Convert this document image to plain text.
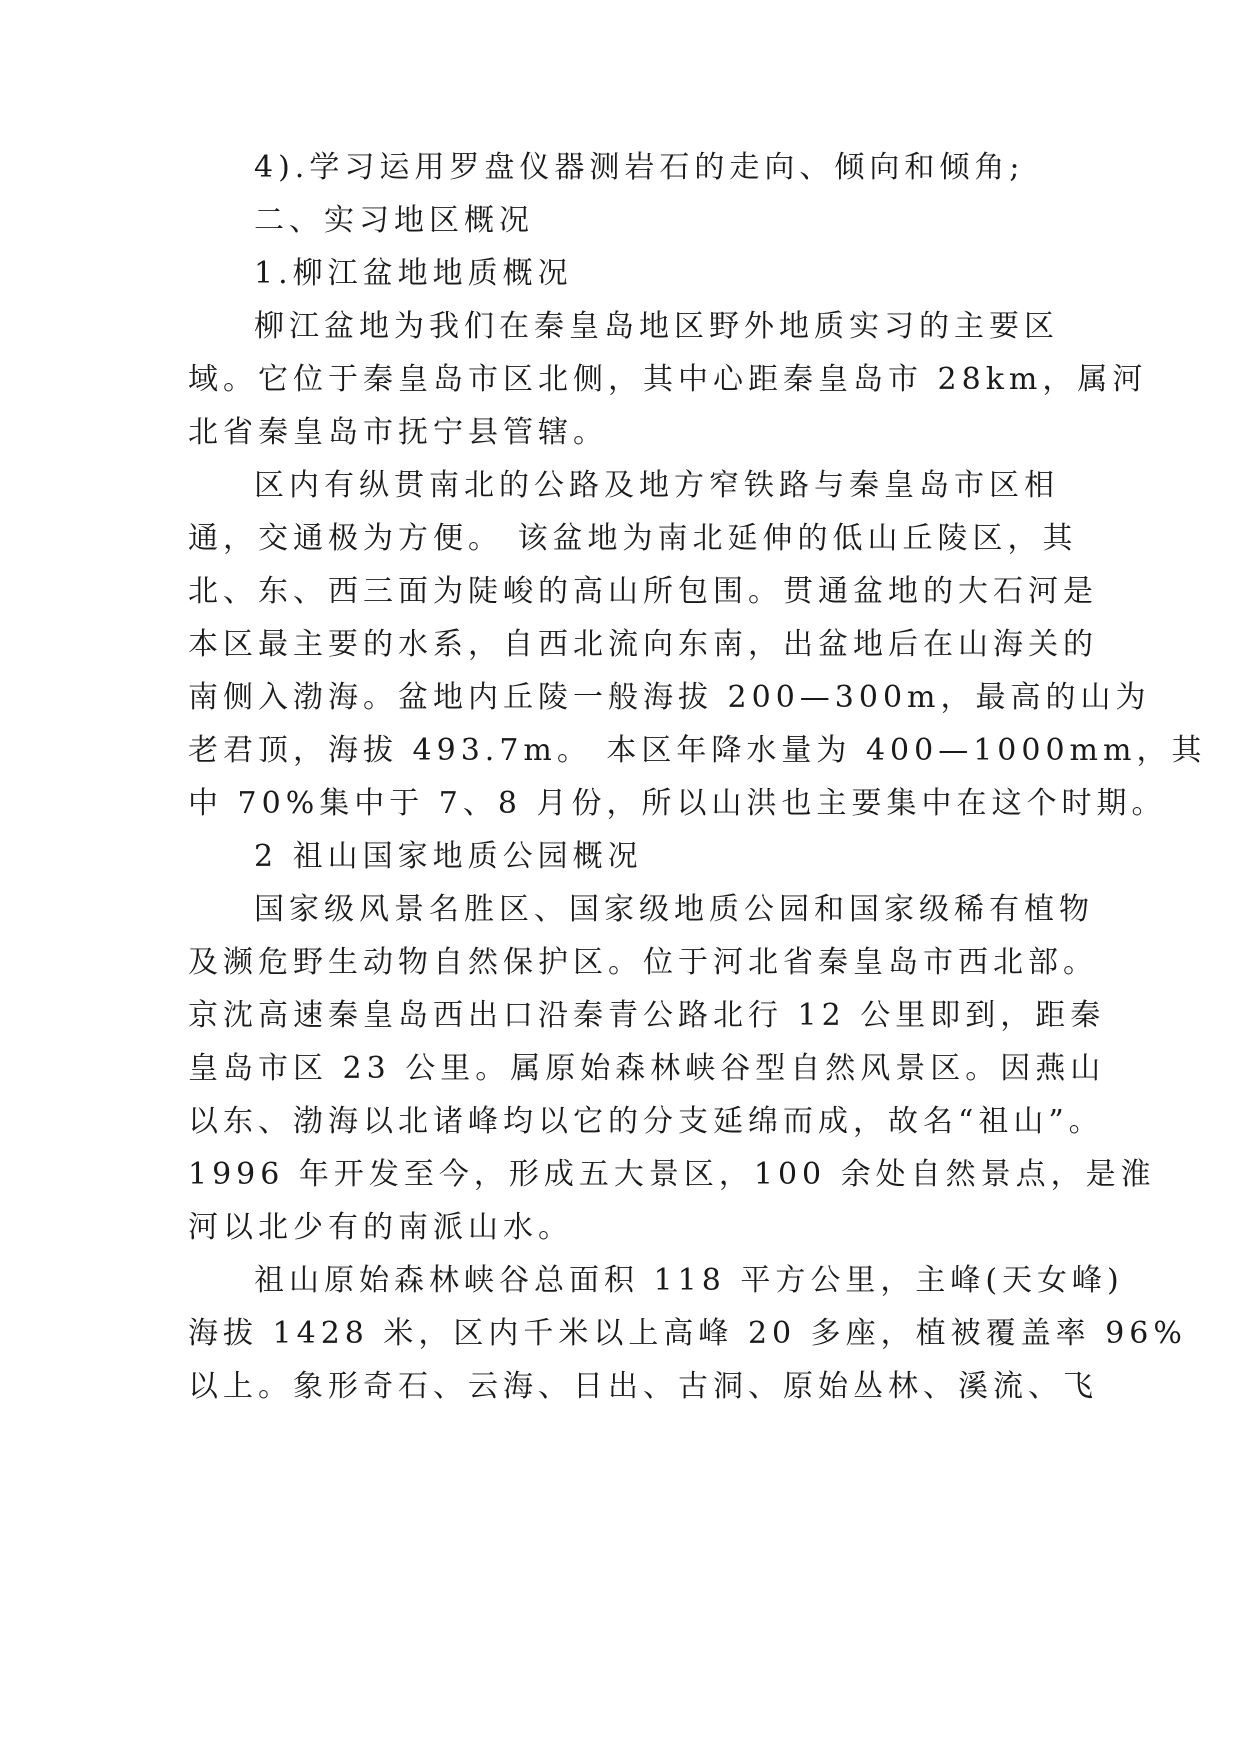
4).学习运用罗盘仪器测岩石的走向、倾向和倾角;
二、实习地区概况
1.柳江盆地地质概况
柳江盆地为我们在秦皇岛地区野外地质实习的主要区
域。它位于秦皇岛市区北侧，其中心距秦皇岛市 28km，属河
北省秦皇岛市抚宁县管辖。
区内有纵贯南北的公路及地方窄铁路与秦皇岛市区相
通，交通极为方便。 该盆地为南北延伸的低山丘陵区，其
北、东、西三面为陡峻的高山所包围。贯通盆地的大石河是
本区最主要的水系，自西北流向东南，出盆地后在山海关的
南侧入渤海。盆地内丘陵一般海拔 200—300m，最高的山为
老君顶，海拔 493.7m。 本区年降水量为 400—1000mm，其
中 70%集中于 7、8 月份，所以山洪也主要集中在这个时期。
2 祖山国家地质公园概况
国家级风景名胜区、国家级地质公园和国家级稀有植物
及濒危野生动物自然保护区。位于河北省秦皇岛市西北部。
京沈高速秦皇岛西出口沿秦青公路北行 12 公里即到，距秦
皇岛市区 23 公里。属原始森林峡谷型自然风景区。因燕山
以东、渤海以北诸峰均以它的分支延绵而成，故名“祖山”。
1996 年开发至今，形成五大景区，100 余处自然景点，是淮
河以北少有的南派山水。
祖山原始森林峡谷总面积 118 平方公里，主峰(天女峰)
海拔 1428 米，区内千米以上高峰 20 多座，植被覆盖率 96%
以上。象形奇石、云海、日出、古洞、原始丛林、溪流、飞
